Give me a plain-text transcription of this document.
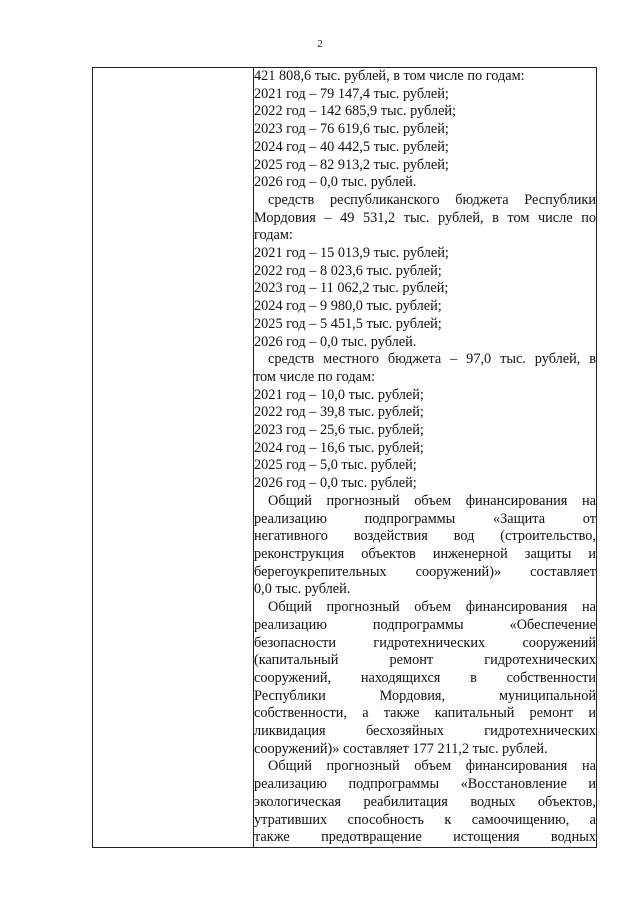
2

421 808,6 тыс. рублей, в том числе по годам:
2021 год – 79 147,4 тыс. рублей;
2022 год – 142 685,9 тыс. рублей;
2023 год – 76 619,6 тыс. рублей;
2024 год – 40 442,5 тыс. рублей;
2025 год – 82 913,2 тыс. рублей;
2026 год – 0,0 тыс. рублей.
средств республиканского бюджета Республики
Мордовия – 49 531,2 тыс. рублей, в том числе по
годам:
2021 год – 15 013,9 тыс. рублей;
2022 год – 8 023,6 тыс. рублей;
2023 год – 11 062,2 тыс. рублей;
2024 год – 9 980,0 тыс. рублей;
2025 год – 5 451,5 тыс. рублей;
2026 год – 0,0 тыс. рублей.
средств местного бюджета – 97,0 тыс. рублей, в
том числе по годам:
2021 год – 10,0 тыс. рублей;
2022 год – 39,8 тыс. рублей;
2023 год – 25,6 тыс. рублей;
2024 год – 16,6 тыс. рублей;
2025 год – 5,0 тыс. рублей;
2026 год – 0,0 тыс. рублей;
Общий прогнозный объем финансирования на
реализацию подпрограммы «Защита от
негативного воздействия вод (строительство,
реконструкция объектов инженерной защиты и
берегоукрепительных сооружений)» составляет
0,0 тыс. рублей.
Общий прогнозный объем финансирования на
реализацию подпрограммы «Обеспечение
безопасности гидротехнических сооружений
(капитальный ремонт гидротехнических
сооружений, находящихся в собственности
Республики Мордовия, муниципальной
собственности, а также капитальный ремонт и
ликвидация бесхозяйных гидротехнических
сооружений)» составляет 177 211,2 тыс. рублей.
Общий прогнозный объем финансирования на
реализацию подпрограммы «Восстановление и
экологическая реабилитация водных объектов,
утративших способность к самоочищению, а
также предотвращение истощения водных
